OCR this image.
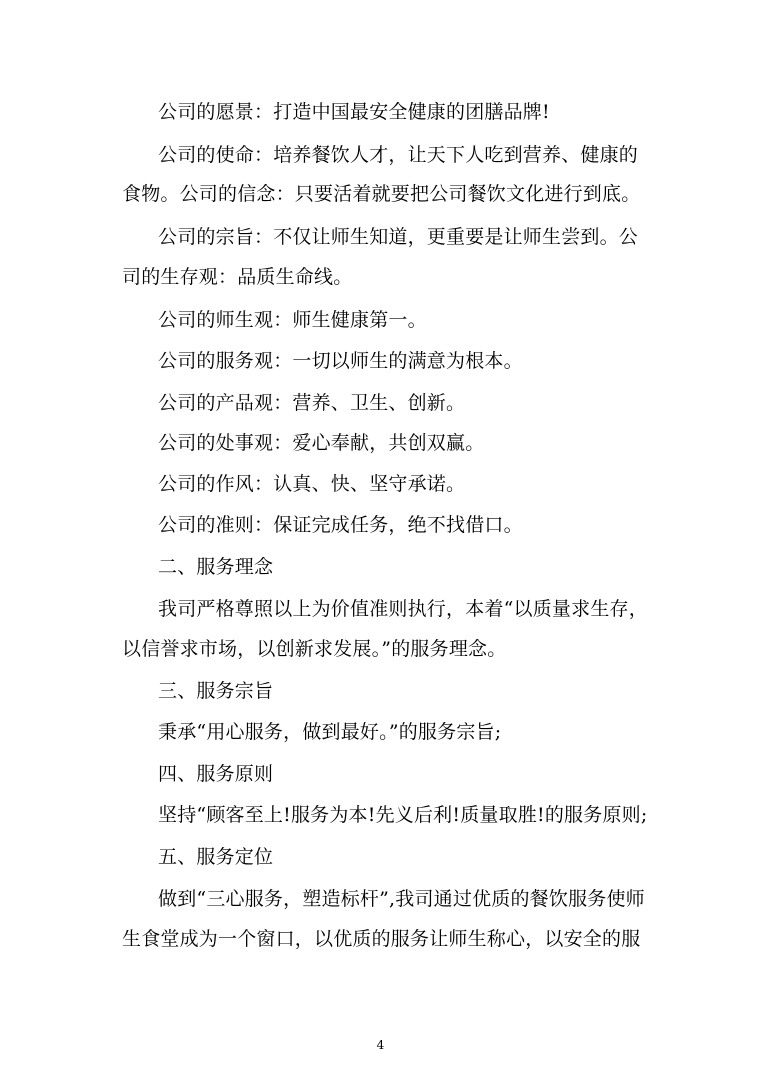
公司的愿景：打造中国最安全健康的团膳品牌!
公司的使命：培养餐饮人才，让天下人吃到营养、健康的
食物。公司的信念：只要活着就要把公司餐饮文化进行到底。
公司的宗旨：不仅让师生知道，更重要是让师生尝到。公
司的生存观：品质生命线。
公司的师生观：师生健康第一。
公司的服务观：一切以师生的满意为根本。
公司的产品观：营养、卫生、创新。
公司的处事观：爱心奉献，共创双赢。
公司的作风：认真、快、坚守承诺。
公司的准则：保证完成任务，绝不找借口。
二、服务理念
我司严格尊照以上为价值准则执行，本着“以质量求生存，
以信誉求市场，以创新求发展。”的服务理念。
三、服务宗旨
秉承“用心服务，做到最好。”的服务宗旨;
四、服务原则
坚持“顾客至上!服务为本!先义后利!质量取胜!的服务原则;
五、服务定位
做到“三心服务，塑造标杆”,我司通过优质的餐饮服务使师
生食堂成为一个窗口，以优质的服务让师生称心，以安全的服
4
